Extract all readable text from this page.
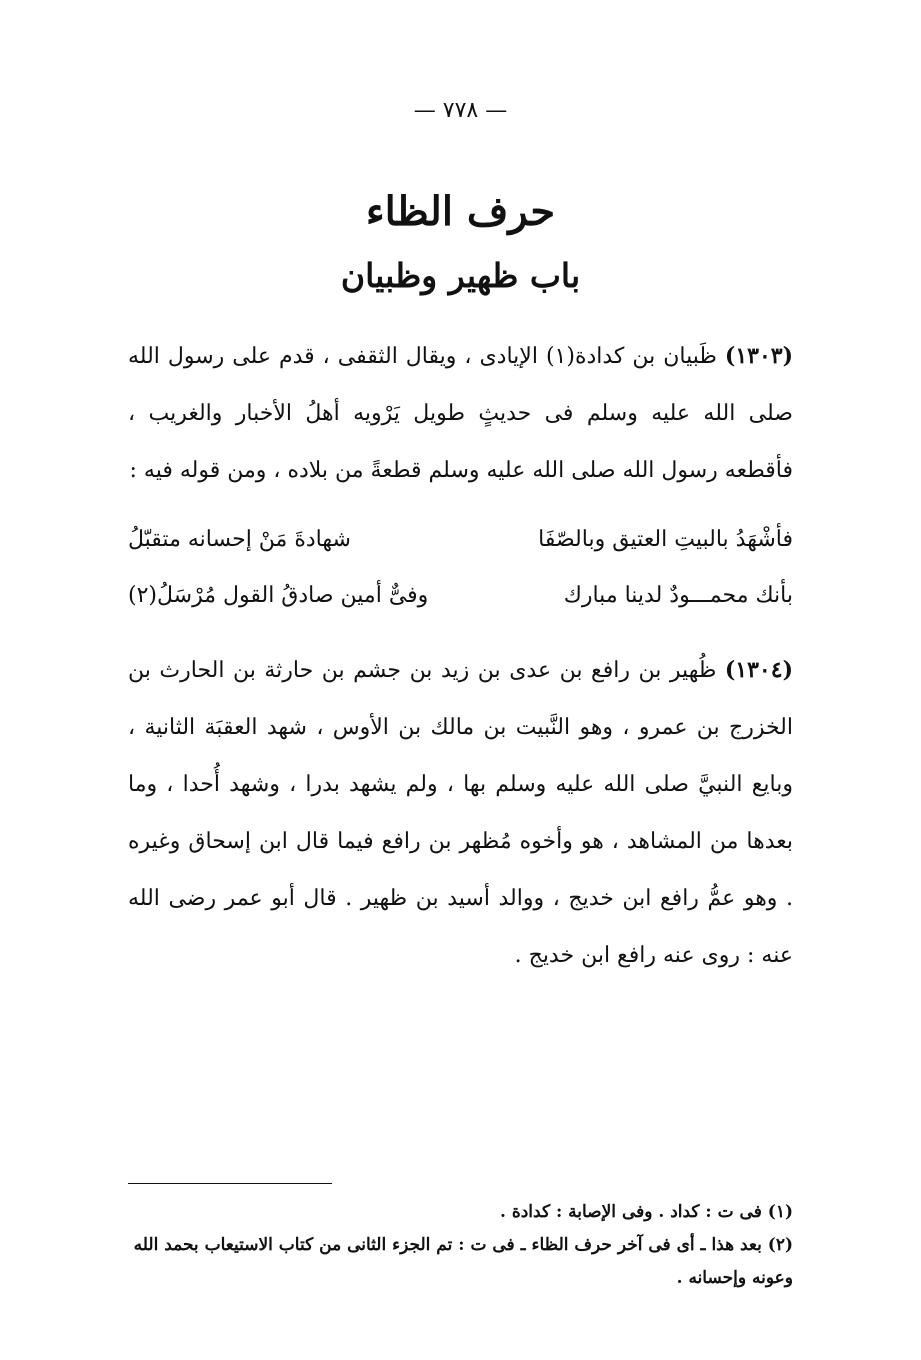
— ٧٧٨ —
حرف الظاء
باب ظهير وظبيان
(١٣٠٣) ظَبيان بن كدادة(١) الإيادى ، ويقال الثقفى ، قدم على رسول الله صلى الله عليه وسلم فى حديثٍ طويل يَرْويه أهلُ الأخبار والغريب ، فأقطعه رسول الله صلى الله عليه وسلم قطعةً من بلاده ، ومن قوله فيه :
فأشْهَدُ بالبيتِ العتيق وبالصّفَا
شهادةَ مَنْ إحسانه متقبّلُ
بأنك محمـــودٌ لدينا مبارك
وفىٌّ أمين صادقُ القول مُرْسَلُ(٢)
(١٣٠٤) ظُهير بن رافع بن عدى بن زيد بن جشم بن حارثة بن الحارث بن الخزرج بن عمرو ، وهو النَّبيت بن مالك بن الأوس ، شهد العقبَة الثانية ، وبايع النبيَّ صلى الله عليه وسلم بها ، ولم يشهد بدرا ، وشهد أُحدا ، وما بعدها من المشاهد ، هو وأخوه مُظهر بن رافع فيما قال ابن إسحاق وغيره . وهو عمُّ رافع ابن خديج ، ووالد أسيد بن ظهير . قال أبو عمر رضى الله عنه : روى عنه رافع ابن خديج .
(١) فى ت : كداد . وفى الإصابة : كدادة .
(٢) بعد هذا ـ أى فى آخر حرف الظاء ـ فى ت : تم الجزء الثانى من كتاب الاستيعاب بحمد الله وعونه وإحسانه .
